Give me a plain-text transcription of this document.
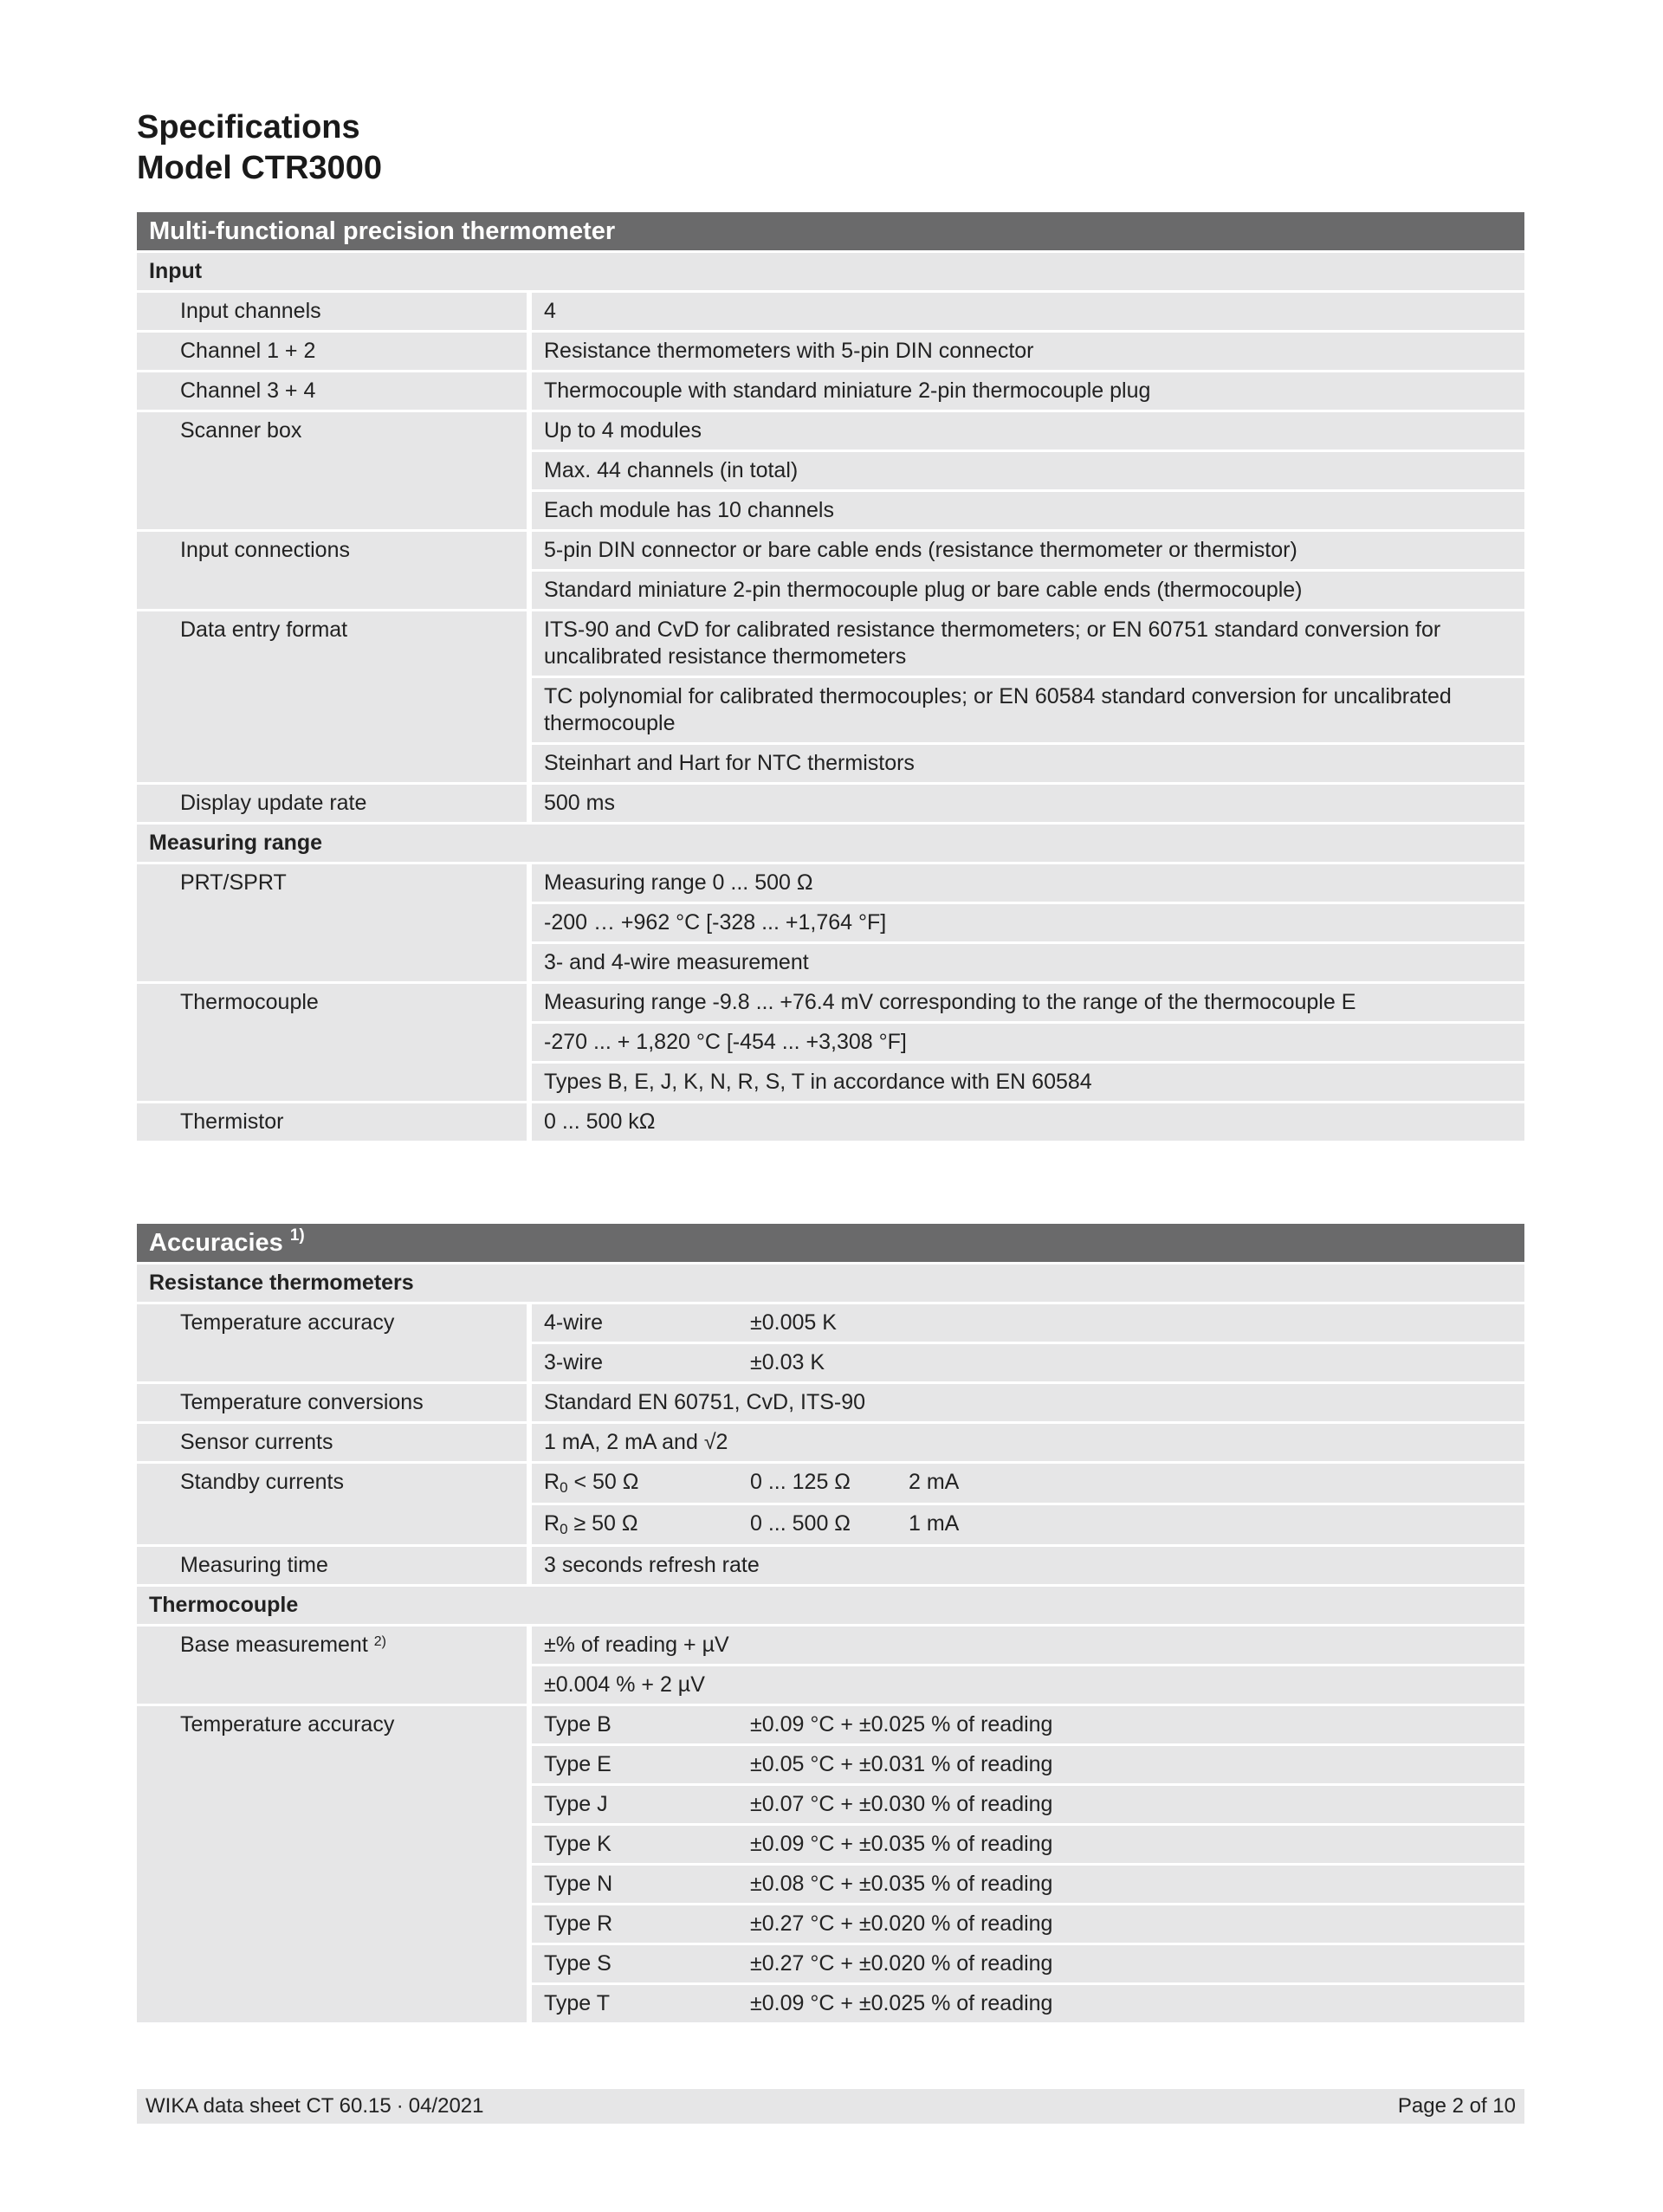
Specifications
Model CTR3000
Multi-functional precision thermometer
Input
Input channels	4
Channel 1 + 2	Resistance thermometers with 5-pin DIN connector
Channel 3 + 4	Thermocouple with standard miniature 2-pin thermocouple plug
Scanner box	Up to 4 modules
Max. 44 channels (in total)
Each module has 10 channels
Input connections	5-pin DIN connector or bare cable ends (resistance thermometer or thermistor)
Standard miniature 2-pin thermocouple plug or bare cable ends (thermocouple)
Data entry format	ITS-90 and CvD for calibrated resistance thermometers; or EN 60751 standard conversion for uncalibrated resistance thermometers
TC polynomial for calibrated thermocouples; or EN 60584 standard conversion for uncalibrated thermocouple
Steinhart and Hart for NTC thermistors
Display update rate	500 ms
Measuring range
PRT/SPRT	Measuring range 0 ... 500 Ω
-200 … +962 °C [-328 ... +1,764 °F]
3- and 4-wire measurement
Thermocouple	Measuring range -9.8 ... +76.4 mV corresponding to the range of the thermocouple E
-270 ... + 1,820 °C [-454 ... +3,308 °F]
Types B, E, J, K, N, R, S, T in accordance with EN 60584
Thermistor	0 ... 500 kΩ
Accuracies $^{1)}$
Resistance thermometers
Temperature accuracy	4-wire	±0.005 K
3-wire	±0.03 K
Temperature conversions	Standard EN 60751, CvD, ITS-90
Sensor currents	1 mA, 2 mA and √2
Standby currents	$R_0 < 50$ Ω	0 ... 125 Ω	2 mA
$R_0 \ge 50$ Ω	0 ... 500 Ω	1 mA
Measuring time	3 seconds refresh rate
Thermocouple
Base measurement $^{2)}$	±% of reading + µV
±0.004 % + 2 µV
Temperature accuracy	Type B	±0.09 °C + ±0.025 % of reading
Type E	±0.05 °C + ±0.031 % of reading
Type J	±0.07 °C + ±0.030 % of reading
Type K	±0.09 °C + ±0.035 % of reading
Type N	±0.08 °C + ±0.035 % of reading
Type R	±0.27 °C + ±0.020 % of reading
Type S	±0.27 °C + ±0.020 % of reading
Type T	±0.09 °C + ±0.025 % of reading
WIKA data sheet CT 60.15 ∙ 04/2021	Page 2 of 10
